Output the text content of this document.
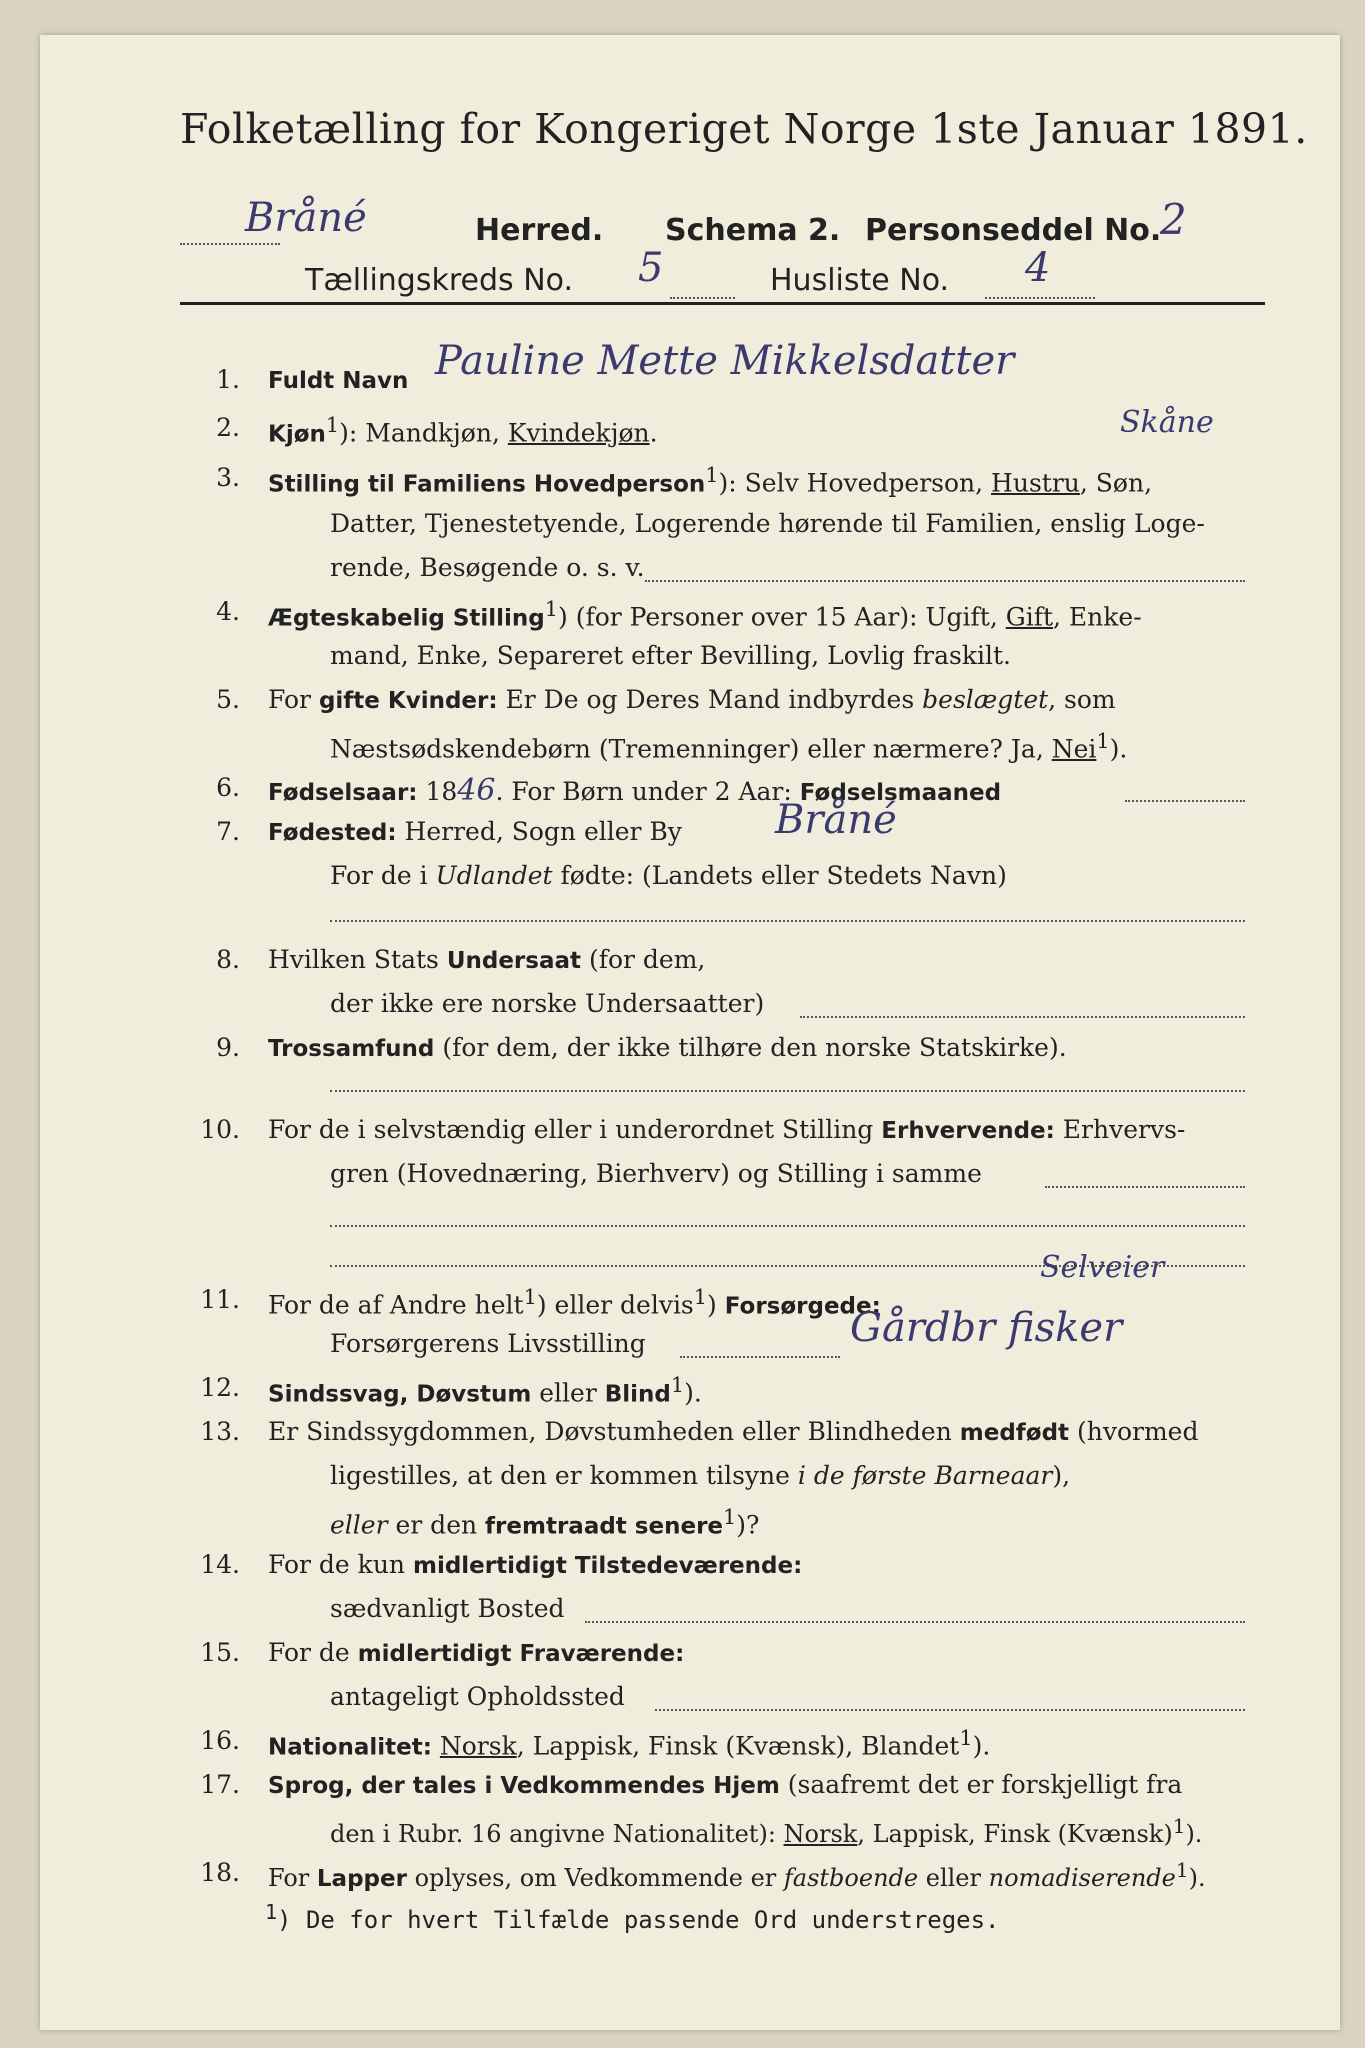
Folketælling for Kongeriget Norge 1ste Januar 1891.
Bråné	Herred. Schema 2. Personseddel No.
2
Tællingskreds No. 5	Husliste No. 4
1. Fuldt Navn Pauline Mette Mikkelsdatter
Skåne
2. Kjøn$^1$): Mandkjøn, Kvindekjøn.
3. Stilling til Familiens Hovedperson$^1$): Selv Hovedperson, Hustru, Søn,
Datter, Tjenestetyende, Logerende hørende til Familien, enslig Loge-
rende, Besøgende o. s. v.
4. Ægteskabelig Stilling$^1$) (for Personer over 15 Aar): Ugift, Gift, Enke-
mand, Enke, Separeret efter Bevilling, Lovlig fraskilt.
5. For gifte Kvinder: Er De og Deres Mand indbyrdes beslægtet, som
Næstsødskendebørn (Tremenninger) eller nærmere? Ja, Nei$^1$).
6. Fødselsaar: 1846. For Børn under 2 Aar: Fødselsmaaned
7. Fødested: Herred, Sogn eller By Bråné
For de i Udlandet fødte: (Landets eller Stedets Navn)
8. Hvilken Stats Undersaat (for dem,
der ikke ere norske Undersaatter)
9. Trossamfund (for dem, der ikke tilhøre den norske Statskirke).
10. For de i selvstændig eller i underordnet Stilling Erhvervende: Erhvervs-
gren (Hovednæring, Bierhverv) og Stilling i samme
11. For de af Andre helt$^1$) eller delvis$^1$) Forsørgede:
Selveier
Forsørgerens Livsstilling	Gårdbr fisker
12. Sindssvag, Døvstum eller Blind$^1$).
13. Er Sindssygdommen, Døvstumheden eller Blindheden medfødt (hvormed
ligestilles, at den er kommen tilsyne i de første Barneaar),
eller er den fremtraadt senere$^1$)?
14. For de kun midlertidigt Tilstedeværende:
sædvanligt Bosted
15. For de midlertidigt Fraværende:
antageligt Opholdssted
16. Nationalitet: Norsk, Lappisk, Finsk (Kvænsk), Blandet$^1$).
17. Sprog, der tales i Vedkommendes Hjem (saafremt det er forskjelligt fra
den i Rubr. 16 angivne Nationalitet): Norsk, Lappisk, Finsk (Kvænsk)$^1$).
18. For Lapper oplyses, om Vedkommende er fastboende eller nomadiserende$^1$).
$^1$) De for hvert Tilfælde passende Ord understreges.
